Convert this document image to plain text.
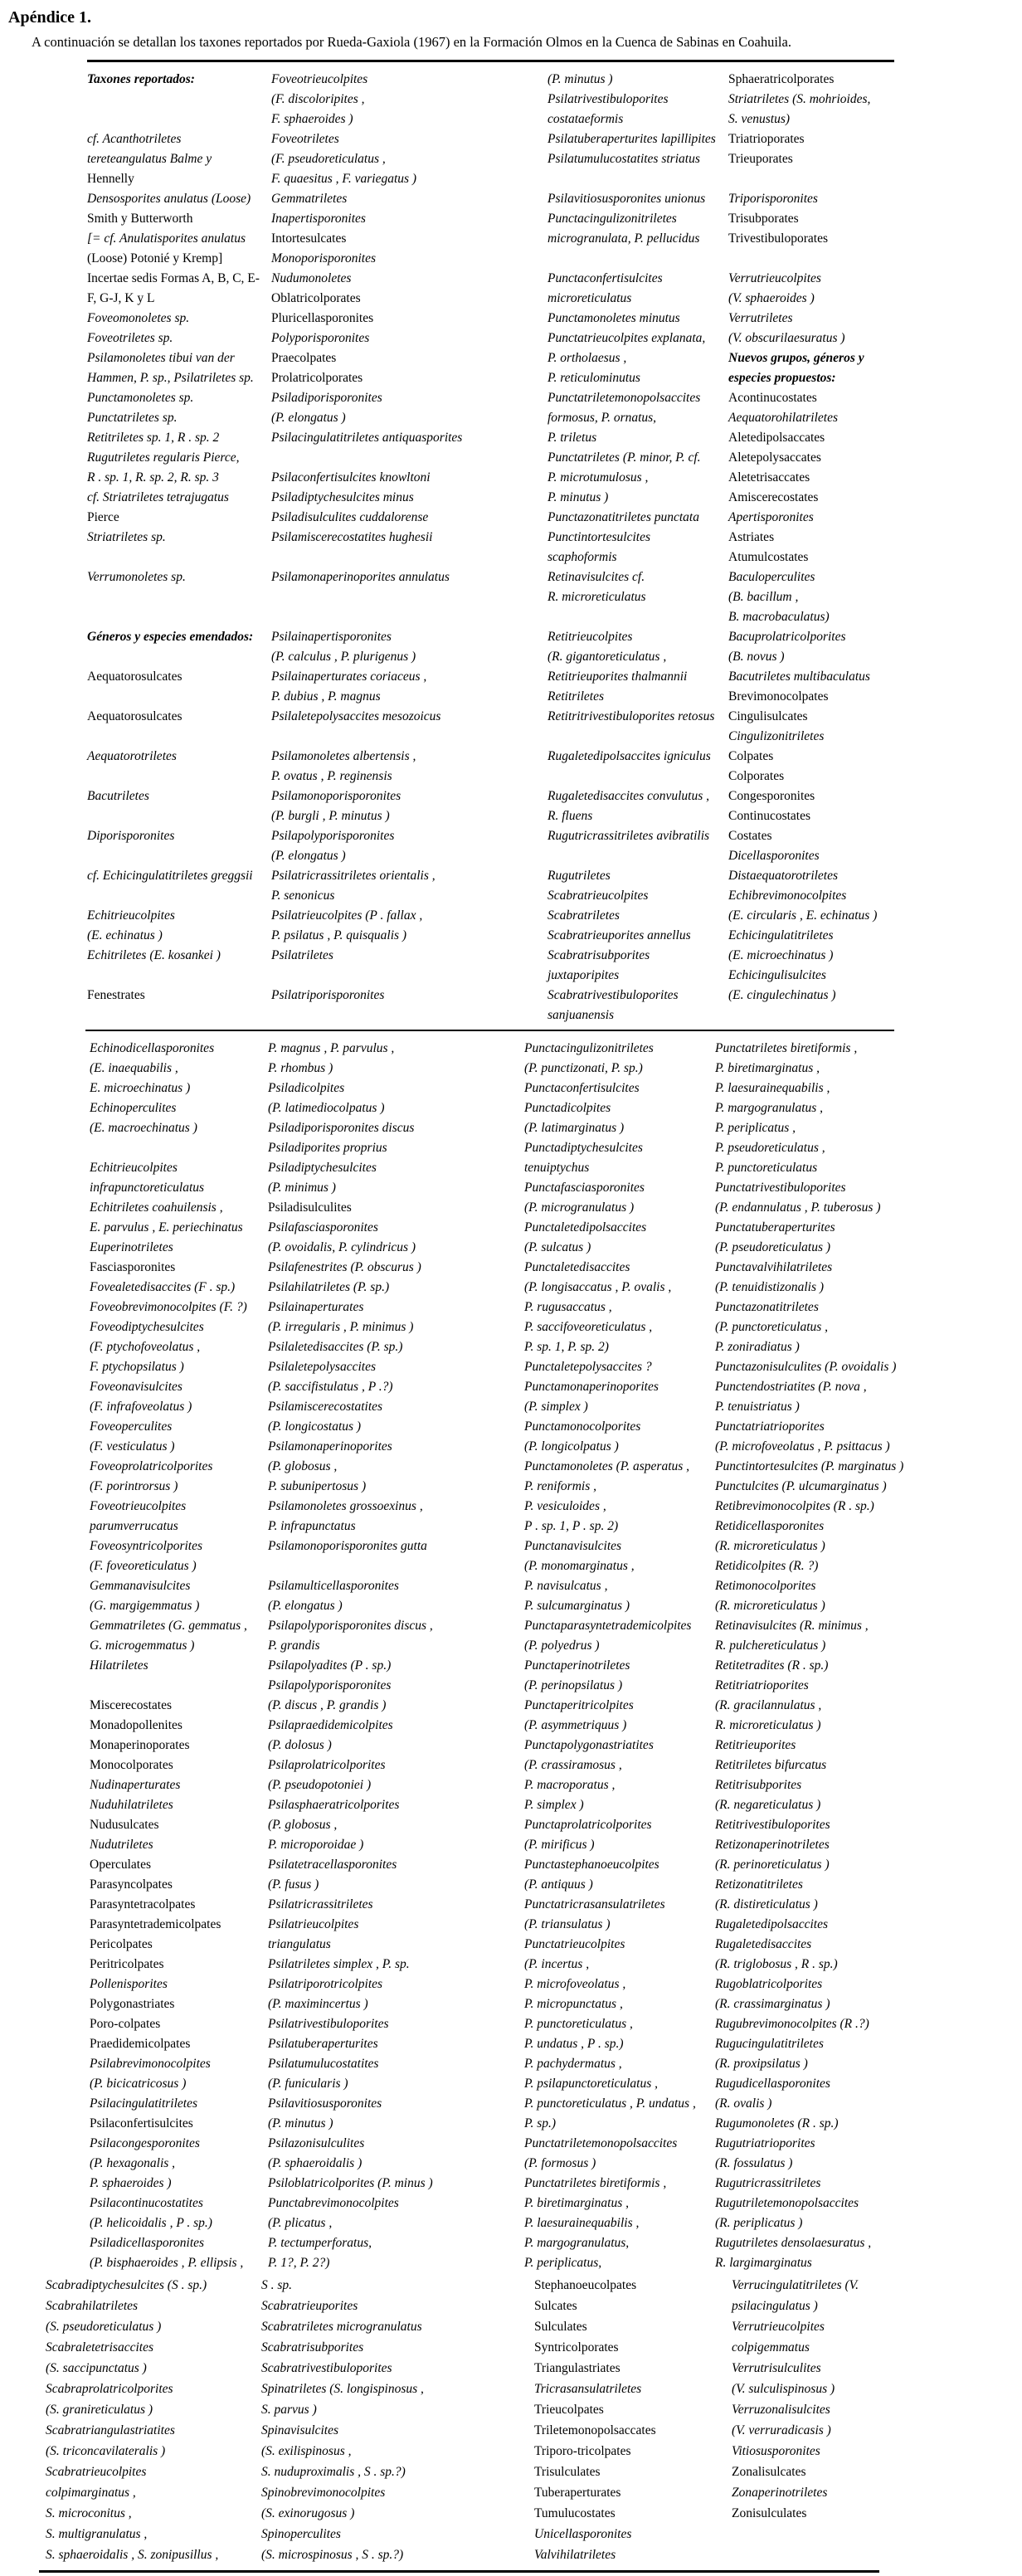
Apéndice 1.

A continuación se detallan los taxones reportados por Rueda-Gaxiola (1967) en la Formación Olmos en la Cuenca de Sabinas en Coahuila.

Taxones reportados:

cf. Acanthotriletes
tereteangulatus Balme y
Hennelly
Densosporites anulatus (Loose)
Smith y Butterworth
[= cf. Anulatisporites anulatus
(Loose) Potonié y Kremp]
Incertae sedis Formas A, B, C, E-
F, G-J, K y L
Foveomonoletes sp.
Foveotriletes sp.
Psilamonoletes tibui van der
Hammen, P. sp., Psilatriletes sp.
Punctamonoletes sp.
Punctatriletes sp.
Retitriletes sp. 1, R . sp. 2
Rugutriletes regularis Pierce,
R . sp. 1, R. sp. 2, R. sp. 3
cf. Striatriletes tetrajugatus
Pierce
Striatriletes sp.

Verrumonoletes sp.

Géneros y especies emendados:

Aequatorosulcates

Aequatorosulcates

Aequatorotriletes

Bacutriletes

Diporisporonites

cf. Echicingulatitriletes greggsii

Echitrieucolpites
(E. echinatus )
Echitriletes (E. kosankei )

Fenestrates
Foveotrieucolpites
(F. discoloripites ,
F. sphaeroides )
Foveotriletes
(F. pseudoreticulatus ,
F. quaesitus , F. variegatus )
Gemmatriletes
Inapertisporonites
Intortesulcates
Monoporisporonites
Nudumonoletes
Oblatricolporates
Pluricellasporonites
Polyporisporonites
Praecolpates
Prolatricolporates
Psiladiporisporonites
(P. elongatus )
Psilacingulatitriletes antiquasporites

Psilaconfertisulcites knowltoni
Psiladiptychesulcites minus
Psiladisulculites cuddalorense
Psilamiscerecostatites hughesii

Psilamonaperinoporites annulatus

Psilainapertisporonites
(P. calculus , P. plurigenus )
Psilainaperturates coriaceus ,
P. dubius , P. magnus
Psilaletepolysaccites mesozoicus

Psilamonoletes albertensis ,
P. ovatus , P. reginensis
Psilamonoporisporonites
(P. burgli , P. minutus )
Psilapolyporisporonites
(P. elongatus )
Psilatricrassitriletes orientalis ,
P. senonicus
Psilatrieucolpites (P . fallax ,
P. psilatus , P. quisqualis )
Psilatriletes

Psilatriporisporonites
(P. minutus )
Psilatrivestibuloporites
costataeformis
Psilatuberaperturites lapillipites
Psilatumulucostatites striatus

Psilavitiosusporonites unionus
Punctacingulizonitriletes
microgranulata, P. pellucidus

Punctaconfertisulcites
microreticulatus
Punctamonoletes minutus
Punctatrieucolpites explanata,
P. ortholaesus ,
P. reticulominutus
Punctatriletemonopolsaccites
formosus, P. ornatus,
P. triletus
Punctatriletes (P. minor, P. cf.
P. microtumulosus ,
P. minutus )
Punctazonatitriletes punctata
Punctintortesulcites
scaphoformis
Retinavisulcites cf.
R. microreticulatus

Retitrieucolpites
(R. gigantoreticulatus ,
Retitrieuporites thalmannii
Retitriletes
Retitritrivestibuloporites retosus

Rugaletedipolsaccites igniculus

Rugaletedisaccites convulutus ,
R. fluens
Rugutricrassitriletes avibratilis

Rugutriletes
Scabratrieucolpites
Scabratriletes
Scabratrieuporites annellus
Scabratrisubporites
juxtaporipites
Scabratrivestibuloporites
sanjuanensis
Sphaeratricolporates
Striatriletes (S. mohrioides,
S. venustus)
Triatrioporates
Trieuporates

Triporisporonites
Trisubporates
Trivestibuloporates

Verrutrieucolpites
(V. sphaeroides )
Verrutriletes
(V. obscurilaesuratus )
Nuevos grupos, géneros y
especies propuestos:
Acontinucostates
Aequatorohilatriletes
Aletedipolsaccates
Aletepolysaccates
Aletetrisaccates
Amiscerecostates
Apertisporonites
Astriates
Atumulcostates
Baculoperculites
(B. bacillum ,
B. macrobaculatus)
Bacuprolatricolporites
(B. novus )
Bacutriletes multibaculatus
Brevimonocolpates
Cingulisulcates
Cingulizonitriletes
Colpates
Colporates
Congesporonites
Continucostates
Costates
Dicellasporonites
Distaequatorotriletes
Echibrevimonocolpites
(E. circularis , E. echinatus )
Echicingulatitriletes
(E. microechinatus )
Echicingulisulcites
(E. cingulechinatus )
Echinodicellasporonites
(E. inaequabilis ,
E. microechinatus )
Echinoperculites
(E. macroechinatus )

Echitrieucolpites
infrapunctoreticulatus
Echitriletes coahuilensis ,
E. parvulus , E. periechinatus
Euperinotriletes
Fasciasporonites
Fovealetedisaccites (F . sp.)
Foveobrevimonocolpites (F. ?)
Foveodiptychesulcites
(F. ptychofoveolatus ,
F. ptychopsilatus )
Foveonavisulcites
(F. infrafoveolatus )
Foveoperculites
(F. vesticulatus )
Foveoprolatricolporites
(F. porintrorsus )
Foveotrieucolpites
parumverrucatus
Foveosyntricolporites
(F. foveoreticulatus )
Gemmanavisulcites
(G. margigemmatus )
Gemmatriletes (G. gemmatus ,
G. microgemmatus )
Hilatriletes

Miscerecostates
Monadopollenites
Monaperinoporates
Monocolporates
Nudinaperturates
Nuduhilatriletes
Nudusulcates
Nudutriletes
Operculates
Parasyncolpates
Parasyntetracolpates
Parasyntetrademicolpates
Pericolpates
Peritricolpates
Pollenisporites
Polygonastriates
Poro-colpates
Praedidemicolpates
Psilabrevimonocolpites
(P. bicicatricosus )
Psilacingulatitriletes
Psilaconfertisulcites
Psilacongesporonites
(P. hexagonalis ,
P. sphaeroides )
Psilacontinucostatites
(P. helicoidalis , P . sp.)
Psiladicellasporonites
(P. bisphaeroides , P. ellipsis ,
P. magnus , P. parvulus ,
P. rhombus )
Psiladicolpites
(P. latimediocolpatus )
Psiladiporisporonites discus
Psiladiporites proprius
Psiladiptychesulcites
(P. minimus )
Psiladisulculites
Psilafasciasporonites
(P. ovoidalis, P. cylindricus )
Psilafenestrites (P. obscurus )
Psilahilatriletes (P. sp.)
Psilainaperturates
(P. irregularis , P. minimus )
Psilaletedisaccites (P. sp.)
Psilaletepolysaccites
(P. saccifistulatus , P .?)
Psilamiscerecostatites
(P. longicostatus )
Psilamonaperinoporites
(P. globosus ,
P. subunipertosus )
Psilamonoletes grossoexinus ,
P. infrapunctatus
Psilamonoporisporonites gutta

Psilamulticellasporonites
(P. elongatus )
Psilapolyporisporonites discus ,
P. grandis
Psilapolyadites (P . sp.)
Psilapolyporisporonites
(P. discus , P. grandis )
Psilapraedidemicolpites
(P. dolosus )
Psilaprolatricolporites
(P. pseudopotoniei )
Psilasphaeratricolporites
(P. globosus ,
P. microporoidae )
Psilatetracellasporonites
(P. fusus )
Psilatricrassitriletes
Psilatrieucolpites
triangulatus
Psilatriletes simplex , P. sp.
Psilatriporotricolpites
(P. maximincertus )
Psilatrivestibuloporites
Psilatuberaperturites
Psilatumulucostatites
(P. funicularis )
Psilavitiosusporonites
(P. minutus )
Psilazonisulculites
(P. sphaeroidalis )
Psiloblatricolporites (P. minus )
Punctabrevimonocolpites
(P. plicatus ,
P. tectumperforatus,
P. 1?, P. 2?)
Punctacingulizonitriletes
(P. punctizonati, P. sp.)
Punctaconfertisulcites
Punctadicolpites
(P. latimarginatus )
Punctadiptychesulcites
tenuiptychus
Punctafasciasporonites
(P. microgranulatus )
Punctaletedipolsaccites
(P. sulcatus )
Punctaletedisaccites
(P. longisaccatus , P. ovalis ,
P. rugusaccatus ,
P. saccifoveoreticulatus ,
P. sp. 1, P. sp. 2)
Punctaletepolysaccites ?
Punctamonaperinoporites
(P. simplex )
Punctamonocolporites
(P. longicolpatus )
Punctamonoletes (P. asperatus ,
P. reniformis ,
P. vesiculoides ,
P . sp. 1, P . sp. 2)
Punctanavisulcites
(P. monomarginatus ,
P. navisulcatus ,
P. sulcumarginatus )
Punctaparasyntetrademicolpites
(P. polyedrus )
Punctaperinotriletes
(P. perinopsilatus )
Punctaperitricolpites
(P. asymmetriquus )
Punctapolygonastriatites
(P. crassiramosus ,
P. macroporatus ,
P. simplex )
Punctaprolatricolporites
(P. mirificus )
Punctastephanoeucolpites
(P. antiquus )
Punctatricrasansulatriletes
(P. triansulatus )
Punctatrieucolpites
(P. incertus ,
P. microfoveolatus ,
P. micropunctatus ,
P. punctoreticulatus ,
P. undatus , P . sp.)
P. pachydermatus ,
P. psilapunctoreticulatus ,
P. punctoreticulatus , P. undatus ,
P. sp.)
Punctatriletemonopolsaccites
(P. formosus )
Punctatriletes biretiformis ,
P. biretimarginatus ,
P. laesurainequabilis ,
P. margogranulatus,
P. periplicatus,
Punctatriletes biretiformis ,
P. biretimarginatus ,
P. laesurainequabilis ,
P. margogranulatus ,
P. periplicatus ,
P. pseudoreticulatus ,
P. punctoreticulatus
Punctatrivestibuloporites
(P. endannulatus , P. tuberosus )
Punctatuberaperturites
(P. pseudoreticulatus )
Punctavalvihilatriletes
(P. tenuidistizonalis )
Punctazonatitriletes
(P. punctoreticulatus ,
P. zoniradiatus )
Punctazonisulculites (P. ovoidalis )
Punctendostriatites (P. nova ,
P. tenuistriatus )
Punctatriatrioporites
(P. microfoveolatus , P. psittacus )
Punctintortesulcites (P. marginatus )
Punctulcites (P. ulcumarginatus )
Retibrevimonocolpites (R . sp.)
Retidicellasporonites
(R. microreticulatus )
Retidicolpites (R. ?)
Retimonocolporites
(R. microreticulatus )
Retinavisulcites (R. minimus ,
R. pulchereticulatus )
Retitetradites (R . sp.)
Retitriatrioporites
(R. gracilannulatus ,
R. microreticulatus )
Retitrieuporites
Retitriletes bifurcatus
Retitrisubporites
(R. negareticulatus )
Retitrivestibuloporites
Retizonaperinotriletes
(R. perinoreticulatus )
Retizonatitriletes
(R. distireticulatus )
Rugaletedipolsaccites
Rugaletedisaccites
(R. triglobosus , R . sp.)
Rugoblatricolporites
(R. crassimarginatus )
Rugubrevimonocolpites (R .?)
Rugucingulatitriletes
(R. proxipsilatus )
Rugudicellasporonites
(R. ovalis )
Rugumonoletes (R . sp.)
Rugutriatrioporites
(R. fossulatus )
Rugutricrassitriletes
Rugutriletemonopolsaccites
(R. periplicatus )
Rugutriletes densolaesuratus ,
R. largimarginatus
Scabradiptychesulcites (S . sp.)
Scabrahilatriletes
(S. pseudoreticulatus )
Scabraletetrisaccites
(S. saccipunctatus )
Scabraprolatricolporites
(S. granireticulatus )
Scabratriangulastriatites
(S. triconcavilateralis )
Scabratrieucolpites
colpimarginatus ,
S. microconitus ,
S. multigranulatus ,
S. sphaeroidalis , S. zonipusillus ,
S . sp.
Scabratrieuporites
Scabratriletes microgranulatus
Scabratrisubporites
Scabratrivestibuloporites
Spinatriletes (S. longispinosus ,
S. parvus )
Spinavisulcites
(S. exilispinosus ,
S. nuduproximalis , S . sp.?)
Spinobrevimonocolpites
(S. exinorugosus )
Spinoperculites
(S. microspinosus , S . sp.?)
Stephanoeucolpates
Sulcates
Sulculates
Syntricolporates
Triangulastriates
Tricrasansulatriletes
Trieucolpates
Triletemonopolsaccates
Triporo-tricolpates
Trisulculates
Tuberaperturates
Tumulucostates
Unicellasporonites
Valvihilatriletes
Verrucingulatitriletes (V.
psilacingulatus )
Verrutrieucolpites
colpigemmatus
Verrutrisulculites
(V. sulculispinosus )
Verruzonalisulcites
(V. verruradicasis )
Vitiosusporonites
Zonalisulcates
Zonaperinotriletes
Zonisulculates
